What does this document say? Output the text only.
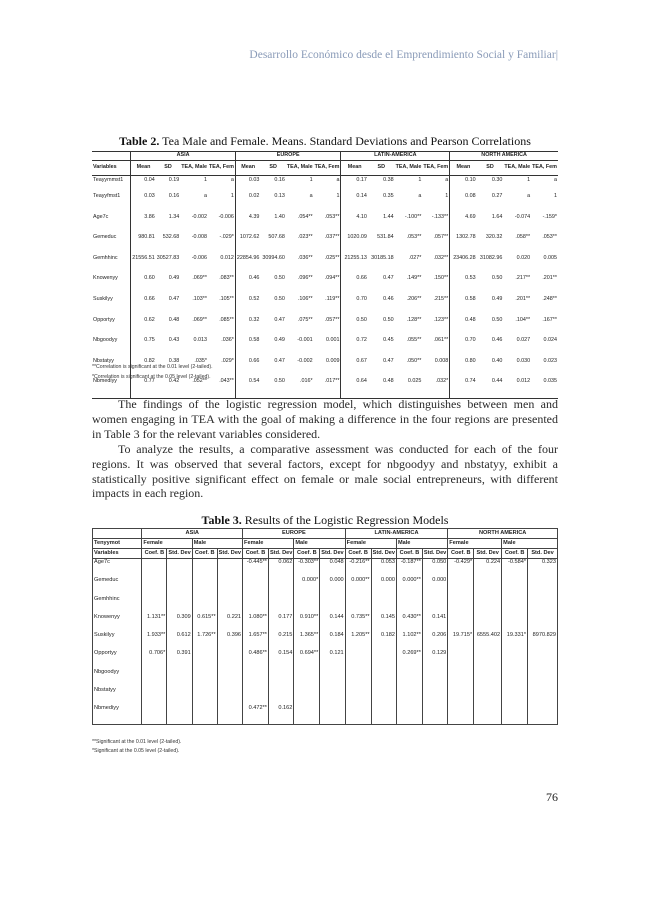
Desarrollo Económico desde el Emprendimiento Social y Familiar|
Table 2. Tea Male and Female. Means. Standard Deviations and Pearson Correlations
	ASIA				EUROPE				LATIN-AMERICA				NORTH AMERICA			
Variables	Mean	SD	TEA, Male	TEA, Fem	Mean	SD	TEA, Male	TEA, Fem	Mean	SD	TEA, Male	TEA, Fem	Mean	SD	TEA, Male	TEA, Fem
Teayymmst1	0.04	0.19	1	a	0.03	0.16	1	a	0.17	0.38	1	a	0.10	0.30	1	a
Teayyfmst1	0.03	0.16	a	1	0.02	0.13	a	1	0.14	0.35	a	1	0.08	0.27	a	1
Age7c	3.86	1.34	-0.002	-0.006	4.39	1.40	.054**	.053**	4.10	1.44	-.100**	-.133**	4.69	1.64	-0.074	-.159*
Gemeduc	980.81	532.68	-0.008	-.029*	1072.62	507.68	.023**	.037**	1020.09	531.84	.053**	.057**	1302.78	320.32	.058**	.053**
Gemhhinc	21556.51	30527.83	-0.006	0.012	22854.96	30994.60	.036**	.025**	21255.13	30185.18	.027*	.032**	23406.28	31082.96	0.020	0.005
Knowenyy	0.60	0.49	.069**	.083**	0.46	0.50	.096**	.094**	0.66	0.47	.149**	.150**	0.53	0.50	.217**	.201**
Suskilyy	0.66	0.47	.103**	.105**	0.52	0.50	.106**	.119**	0.70	0.46	.206**	.215**	0.58	0.49	.201**	.248**
Opportyy	0.62	0.48	.069**	.085**	0.32	0.47	.075**	.057**	0.50	0.50	.128**	.123**	0.48	0.50	.104**	.167**
Nbgoodyy	0.75	0.43	0.013	.036*	0.58	0.49	-0.001	0.001	0.72	0.45	.055**	.061**	0.70	0.46	0.027	0.024
Nbstatyy	0.82	0.38	.035*	.029*	0.66	0.47	-0.002	0.009	0.67	0.47	.050**	0.008	0.80	0.40	0.030	0.023
Nbmediyy	0.77	0.42	.052**	.043**	0.54	0.50	.016*	.017**	0.64	0.48	0.025	.032*	0.74	0.44	0.012	0.035
**Correlation is significant at the 0.01 level (2-tailed).
*Correlation is significant at the 0.05 level (2-tailed).
The findings of the logistic regression model, which distinguishes between men and women engaging in TEA with the goal of making a difference in the four regions are presented in Table 3 for the relevant variables considered.
To analyze the results, a comparative assessment was conducted for each of the four regions. It was observed that several factors, except for nbgoodyy and nbstatyy, exhibit a statistically positive significant effect on female or male social entrepreneurs, with different impacts in each region.
Table 3. Results of the Logistic Regression Models
	ASIA				EUROPE				LATIN-AMERICA				NORTH AMERICA			
Tenyymot	Female		Male		Female		Male		Female		Male		Female		Male	
Variables	Coef. B	Std. Dev	Coef. B	Std. Dev	Coef. B	Std. Dev	Coef. B	Std. Dev	Coef. B	Std. Dev	Coef. B	Std. Dev	Coef. B	Std. Dev	Coef. B	Std. Dev
Age7c					-0.445**	0.062	-0.303**	0.048	-0.216**	0.053	-0.187**	0.050	-0.429*	0.224	-0.584*	0.323
Gemeduc							0.000*	0.000	0.000**	0.000	0.000**	0.000				
Gemhhinc																
Knowenyy	1.131**	0.309	0.615**	0.221	1.080**	0.177	0.910**	0.144	0.735**	0.145	0.430**	0.141				
Suskilyy	1.933**	0.612	1.726**	0.396	1.657**	0.215	1.365**	0.184	1.205**	0.182	1.102**	0.206	19.715*	6555.402	19.331*	8970.829
Opportyy	0.706*	0.391			0.486**	0.154	0.694**	0.121			0.269**	0.129				
Nbgoodyy																
Nbstatyy																
Nbmediyy					0.472**	0.162										
**Significant at the 0.01 level (2-tailed).
*Significant at the 0.05 level (2-tailed).
76
